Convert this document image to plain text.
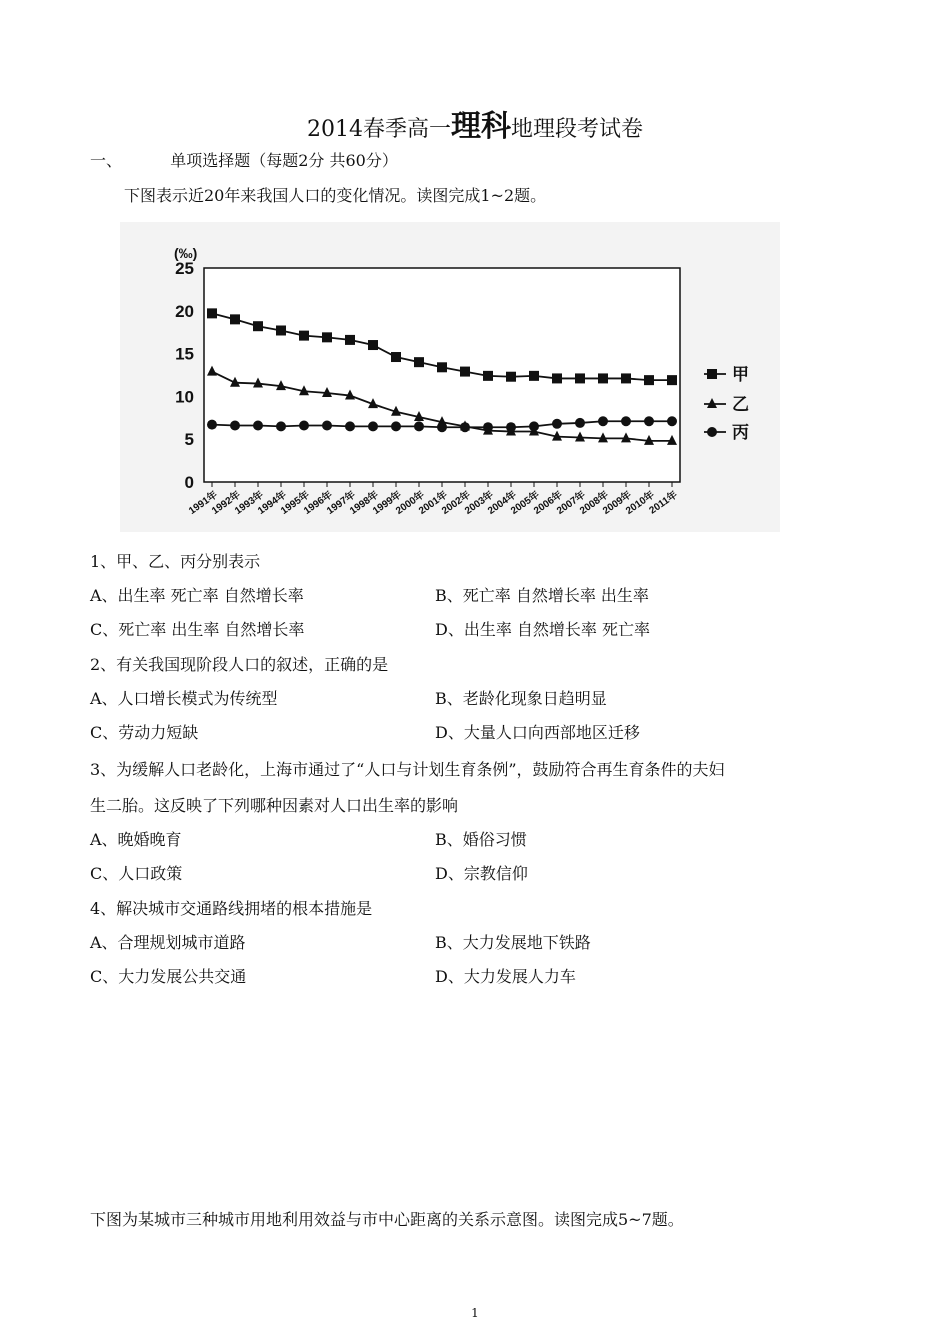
2014春季高一理科地理段考试卷
一、	单项选择题（每题2分 共60分）
下图表示近20年来我国人口的变化情况。读图完成1~2题。
0
5
10
15
20
25
(‰)
1991年
1992年
1993年
1994年
1995年
1996年
1997年
1998年
1999年
2000年
2001年
2002年
2003年
2004年
2005年
2006年
2007年
2008年
2009年
2010年
2011年
甲
乙
丙
1、甲、乙、丙分别表示
A、出生率 死亡率 自然增长率	B、死亡率 自然增长率 出生率
C、死亡率 出生率 自然增长率	D、出生率 自然增长率 死亡率
2、有关我国现阶段人口的叙述，正确的是
A、人口增长模式为传统型	B、老龄化现象日趋明显
C、劳动力短缺	D、大量人口向西部地区迁移
3、为缓解人口老龄化，上海市通过了“人口与计划生育条例”，鼓励符合再生育条件的夫妇
生二胎。这反映了下列哪种因素对人口出生率的影响
A、晚婚晚育	B、婚俗习惯
C、人口政策	D、宗教信仰
4、解决城市交通路线拥堵的根本措施是
A、合理规划城市道路	B、大力发展地下铁路
C、大力发展公共交通	D、大力发展人力车
下图为某城市三种城市用地利用效益与市中心距离的关系示意图。读图完成5~7题。
1
